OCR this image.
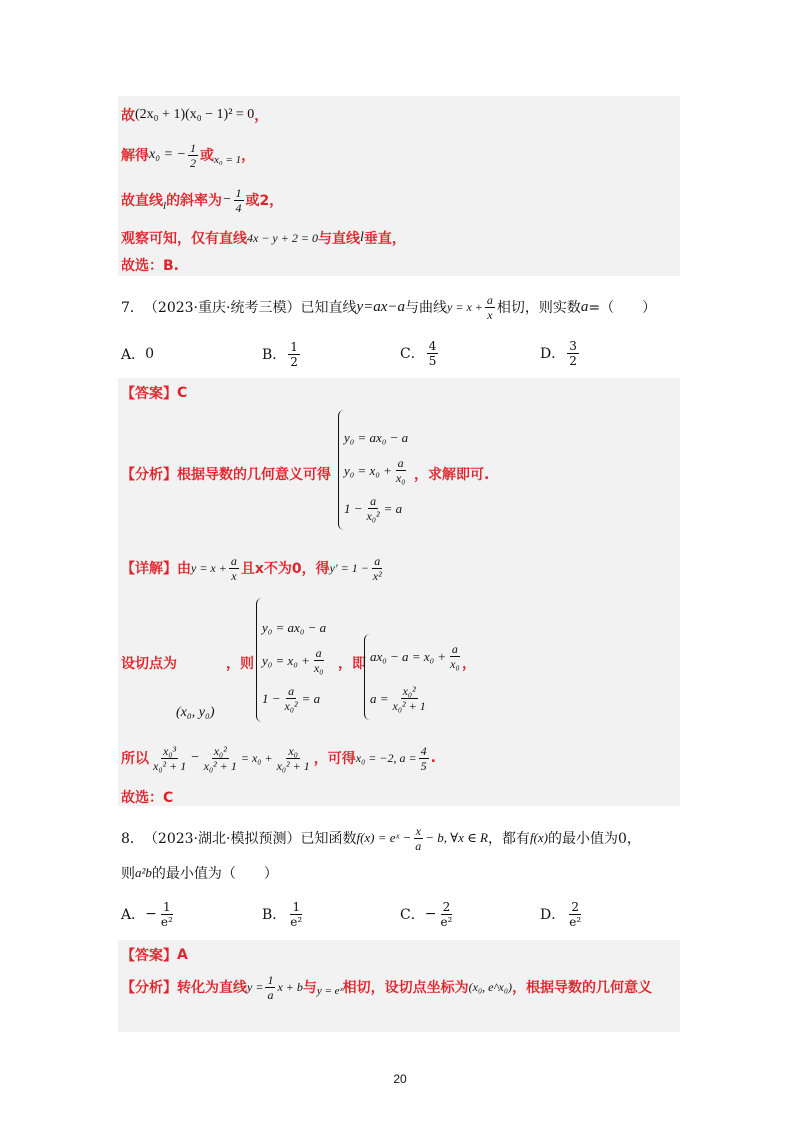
故 (2x₀ + 1)(x₀ − 1)² = 0 ，
解得 x₀ = − $\frac{1}{2}$ 或 x₀ = 1 ，
故直线 l 的斜率为 − $\frac{1}{4}$ 或2，
观察可知，仅有直线 4x − y + 2 = 0 与直线 l 垂直，
故选：B.
7． （2023·重庆·统考三模）已知直线 y=ax−a 与曲线 $y = x + \frac{a}{x}$ 相切，则实数 a =（　　）
A． 0	B． $\frac{1}{2}$	C． $\frac{4}{5}$	D． $\frac{3}{2}$
【答案】 C
【分析】 根据导数的几何意义可得
y₀ = ax₀ − a
$y_0 = x_0 + \frac{a}{\text{x₀}}$
$1 - \frac{a}{\text{x₀²}} = a$
，求解即可.
【详解】 由 $y = x + \frac{a}{x}$ 且x不为0，得 $y' = 1 - \frac{a}{\text{x²}}$
设切点为	，则
(x₀, y₀)
y₀ = ax₀ − a
$y_0 = x_0 + \frac{a}{\text{x₀}}$
$1 - \frac{a}{\text{x₀²}} = a$
，即 $ax_0 - a = x_0 + \frac{a}{\text{x₀}}$
$a = \frac{\text{x₀²}}{\text{x₀² + 1}}$
，
所以 $\frac{\text{x₀³}}{\text{x₀² + 1}} - \frac{\text{x₀²}}{\text{x₀² + 1}} = x_0 + \frac{\text{x₀}}{\text{x₀² + 1}}$ ，可得 x₀ = −2, $a = \frac{4}{5}$ .
故选：C
8． （2023·湖北·模拟预测）已知函数 f(x) = eˣ − $\frac{x}{a} - b$, ∀x ∈ R ，都有 f(x) 的最小值为0，
则 a²b 的最小值为（　　）
A． − $\frac{1}{\text{e²}}$	B． $\frac{1}{\text{e²}}$	C． − $\frac{2}{\text{e²}}$	D． $\frac{2}{\text{e²}}$
【答案】 A
【分析】 转化为直线 $y = \frac{1}{a}$ x + b 与 y = eˣ 相切，设切点坐标为 (x₀, e^x₀) ，根据导数的几何意义
20
